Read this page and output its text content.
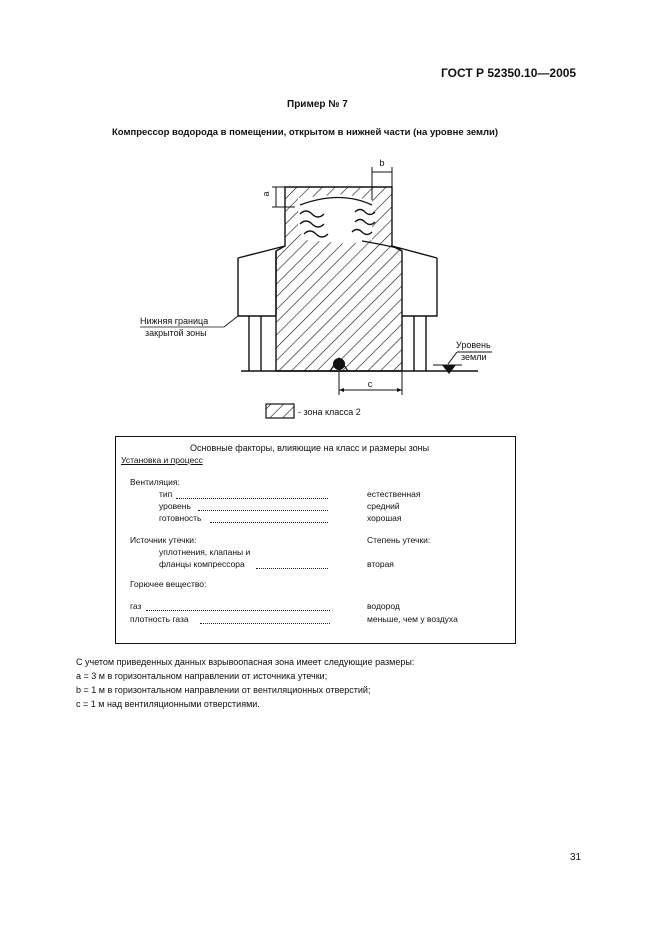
ГОСТ Р 52350.10—2005
Пример № 7
Компрессор водорода в помещении, открытом в нижней части (на уровне земли)
a
b
c
Нижняя граница
закрытой зоны
Уровень
земли
- зона класса 2
Основные факторы, влияющие на класс и размеры зоны
Установка и процесс
Вентиляция:
тип	естественная
уровень	средний
готовность	хорошая
Источник утечки:	Степень утечки:
уплотнения, клапаны и
фланцы компрессора	вторая
Горючее вещество:
газ	водород
плотность газа	меньше, чем у воздуха
С учетом приведенных данных взрывоопасная зона имеет следующие размеры:
a = 3 м в горизонтальном направлении от источника утечки;
b = 1 м в горизонтальном направлении от вентиляционных отверстий;
c = 1 м над вентиляционными отверстиями.
31
